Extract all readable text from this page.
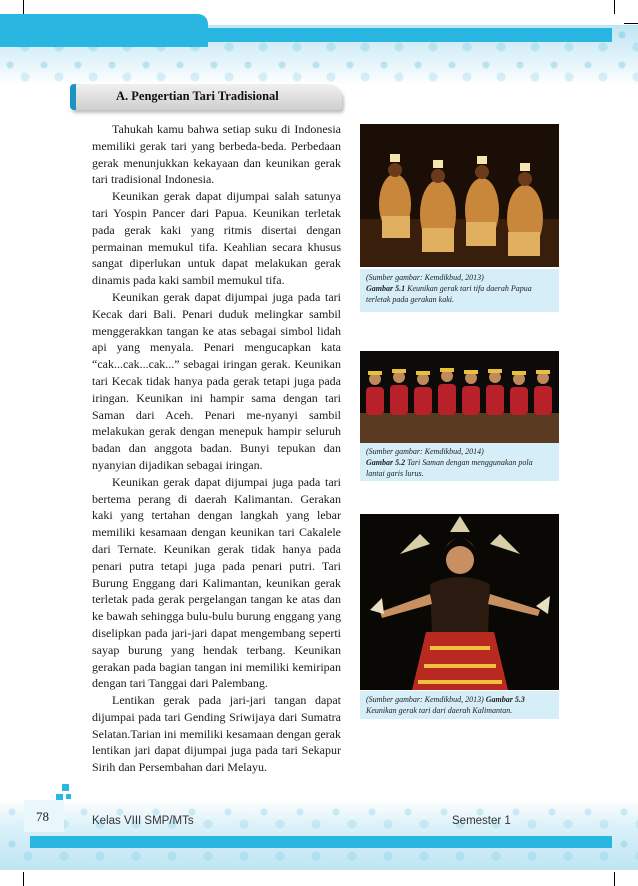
A. Pengertian Tari Tradisional

Tahukah kamu bahwa setiap suku di Indonesia memiliki gerak tari yang berbeda-beda. Perbedaan gerak menunjukkan kekayaan dan keunikan gerak tari tradisional Indonesia.

Keunikan gerak dapat dijumpai salah satunya tari Yospin Pancer dari Papua. Keunikan terletak pada gerak kaki yang ritmis disertai dengan permainan memukul tifa. Keahlian secara khusus sangat diperlukan untuk dapat melakukan gerak dinamis pada kaki sambil memukul tifa.

Keunikan gerak dapat dijumpai juga pada tari Kecak dari Bali. Penari duduk melingkar sambil menggerakkan tangan ke atas sebagai simbol lidah api yang menyala. Penari mengucapkan kata “cak...cak...cak...” sebagai iringan gerak. Keunikan tari Kecak tidak hanya pada gerak tetapi juga pada iringan. Keunikan ini hampir sama dengan tari Saman dari Aceh. Penari me-nyanyi sambil melakukan gerak dengan menepuk hampir seluruh badan dan anggota badan. Bunyi tepukan dan nyanyian dijadikan sebagai iringan.

Keunikan gerak dapat dijumpai juga pada tari bertema perang di daerah Kalimantan. Gerakan kaki yang tertahan dengan langkah yang lebar memiliki kesamaan dengan keunikan tari Cakalele dari Ternate. Keunikan gerak tidak hanya pada penari putra tetapi juga pada penari putri. Tari Burung Enggang dari Kalimantan, keunikan gerak terletak pada gerak pergelangan tangan ke atas dan ke bawah sehingga bulu-bulu burung enggang yang diselipkan pada jari-jari dapat mengembang seperti sayap burung yang hendak terbang. Keunikan gerakan pada bagian tangan ini memiliki kemiripan dengan tari Tanggai dari Palembang.

Lentikan gerak pada jari-jari tangan dapat dijumpai pada tari Gending Sriwijaya dari Sumatra Selatan.Tarian ini memiliki kesamaan dengan gerak lentikan jari dapat dijumpai juga pada tari Sekapur Sirih dan Persembahan dari Melayu.

(Sumber gambar: Kemdikbud, 2013)
Gambar 5.1 Keunikan gerak tari tifa daerah Papua terletak pada gerakan kaki.
(Sumber gambar: Kemdikbud, 2014)
Gambar 5.2 Tari Saman dengan menggunakan pola lantai garis lurus.
(Sumber gambar: Kemdikbud, 2013) Gambar 5.3
Keunikan gerak tari dari daerah Kalimantan.
78	Kelas VIII SMP/MTs	Semester 1
